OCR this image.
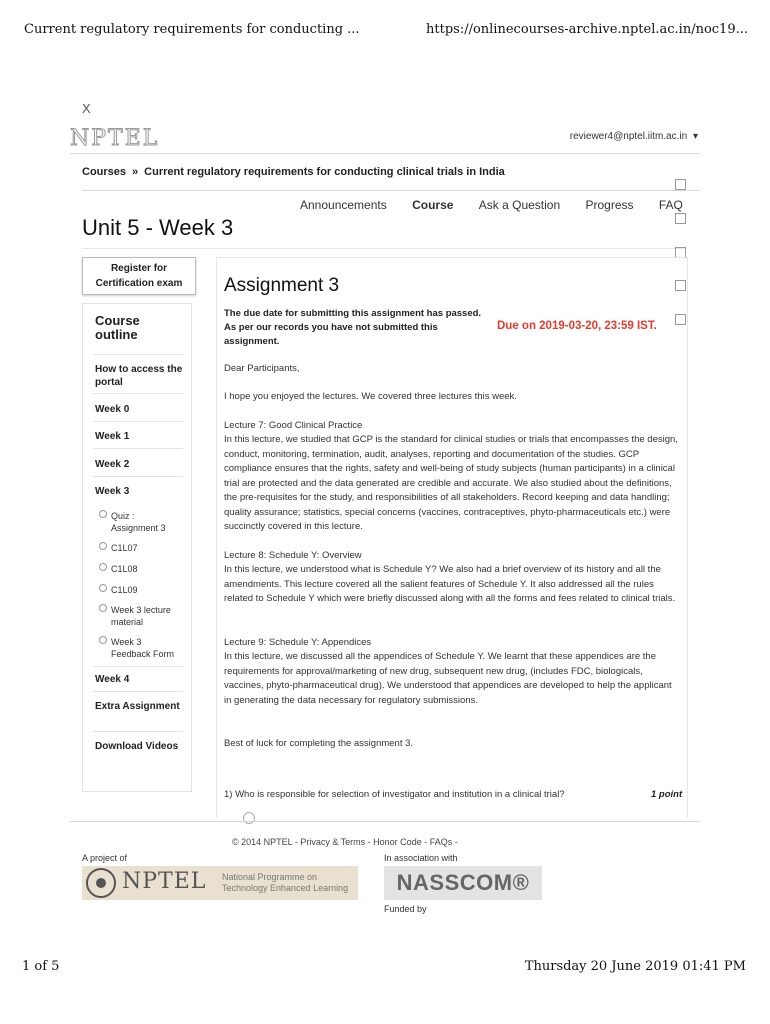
Current regulatory requirements for conducting ...	https://onlinecourses-archive.nptel.ac.in/noc19...
X
NPTEL	reviewer4@nptel.iitm.ac.in ▾
Courses » Current regulatory requirements for conducting clinical trials in India
Announcements Course Ask a Question Progress FAQ
Unit 5 - Week 3
Register for
Certification exam
Course outline
How to access the portal
Week 0
Week 1
Week 2
Week 3
Quiz : Assignment 3
C1L07
C1L08
C1L09
Week 3 lecture material
Week 3 Feedback Form
Week 4
Extra Assignment
Download Videos
Assignment 3
The due date for submitting this assignment has passed.
As per our records you have not submitted this
assignment.
Due on 2019-03-20, 23:59 IST.
Dear Participants,
I hope you enjoyed the lectures. We covered three lectures this week.
Lecture 7: Good Clinical Practice
In this lecture, we studied that GCP is the standard for clinical studies or trials that encompasses the design, conduct, monitoring, termination, audit, analyses, reporting and documentation of the studies. GCP compliance ensures that the rights, safety and well-being of study subjects (human participants) in a clinical trial are protected and the data generated are credible and accurate. We also studied about the definitions, the pre-requisites for the study, and responsibilities of all stakeholders. Record keeping and data handling; quality assurance; statistics, special concerns (vaccines, contraceptives, phyto-pharmaceuticals etc.) were succinctly covered in this lecture.
Lecture 8: Schedule Y: Overview
In this lecture, we understood what is Schedule Y? We also had a brief overview of its history and all the amendments. This lecture covered all the salient features of Schedule Y. It also addressed all the rules related to Schedule Y which were briefly discussed along with all the forms and fees related to clinical trials.
Lecture 9: Schedule Y: Appendices
In this lecture, we discussed all the appendices of Schedule Y. We learnt that these appendices are the requirements for approval/marketing of new drug, subsequent new drug, (includes FDC, biologicals, vaccines, phyto-pharmaceutical drug). We understood that appendices are developed to help the applicant in generating the data necessary for regulatory submissions.
Best of luck for completing the assignment 3.
1) Who is responsible for selection of investigator and institution in a clinical trial?	1 point
© 2014 NPTEL - Privacy & Terms - Honor Code - FAQs -
A project of	In association with
NPTEL National Programme on
Technology Enhanced Learning	NASSCOM®
Funded by
1 of 5	Thursday 20 June 2019 01:41 PM
